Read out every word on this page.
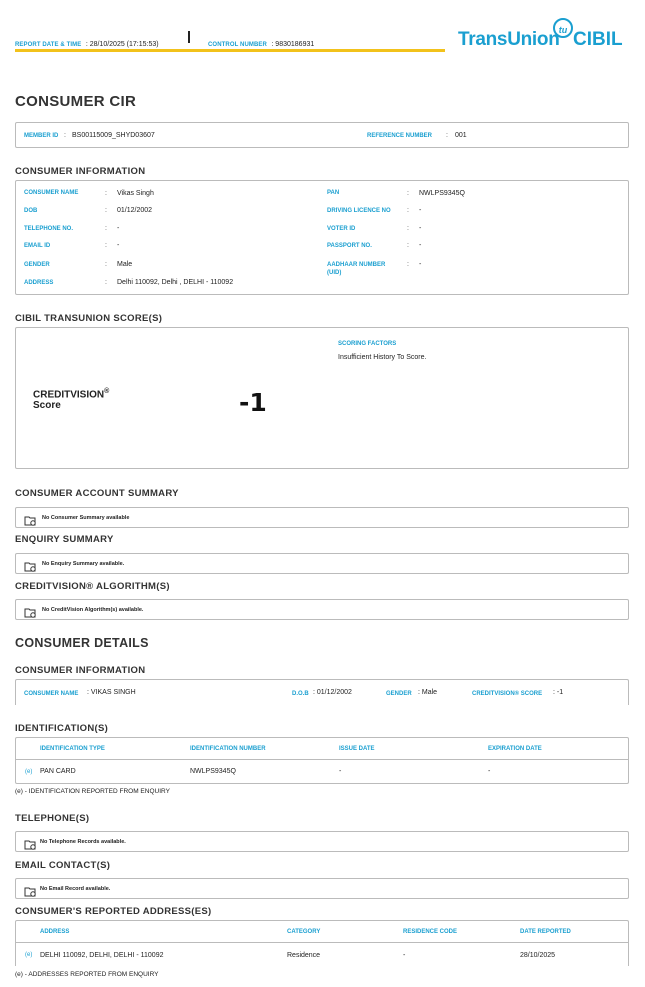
REPORT DATE & TIME : 28/10/2025 (17:15:53)	CONTROL NUMBER : 9830186931	TransUnion CIBIL
tu
CONSUMER CIR
MEMBER ID : BS00115009_SHYD03607	REFERENCE NUMBER : 001
CONSUMER INFORMATION
CONSUMER NAME	: Vikas Singh
DOB	: 01/12/2002
TELEPHONE NO.	: -
EMAIL ID	: -
GENDER	: Male
ADDRESS	: Delhi 110092, Delhi , DELHI - 110092
PAN	: NWLPS9345Q
DRIVING LICENCE NO : -
VOTER ID	: -
PASSPORT NO.	: -
AADHAAR NUMBER
(UID)
: -
CIBIL TRANSUNION SCORE(S)
CREDITVISION®
Score	-1
SCORING FACTORS
Insufficient History To Score.
CONSUMER ACCOUNT SUMMARY
No Consumer Summary available
ENQUIRY SUMMARY
No Enquiry Summary available.
CREDITVISION® ALGORITHM(S)
No CreditVision Algorithm(s) available.
CONSUMER DETAILS
CONSUMER INFORMATION
CONSUMER NAME : VIKAS SINGH	D.O.B : 01/12/2002	GENDER : Male	CREDITVISION® SCORE : -1
IDENTIFICATION(S)
IDENTIFICATION TYPE	IDENTIFICATION NUMBER	ISSUE DATE	EXPIRATION DATE
(e) PAN CARD	NWLPS9345Q	-	-
(e) - IDENTIFICATION REPORTED FROM ENQUIRY
TELEPHONE(S)
No Telephone Records available.
EMAIL CONTACT(S)
No Email Record available.
CONSUMER'S REPORTED ADDRESS(ES)
ADDRESS	CATEGORY	RESIDENCE CODE	DATE REPORTED
(e) DELHI 110092, DELHI, DELHI - 110092	Residence	-	28/10/2025
(e) - ADDRESSES REPORTED FROM ENQUIRY
